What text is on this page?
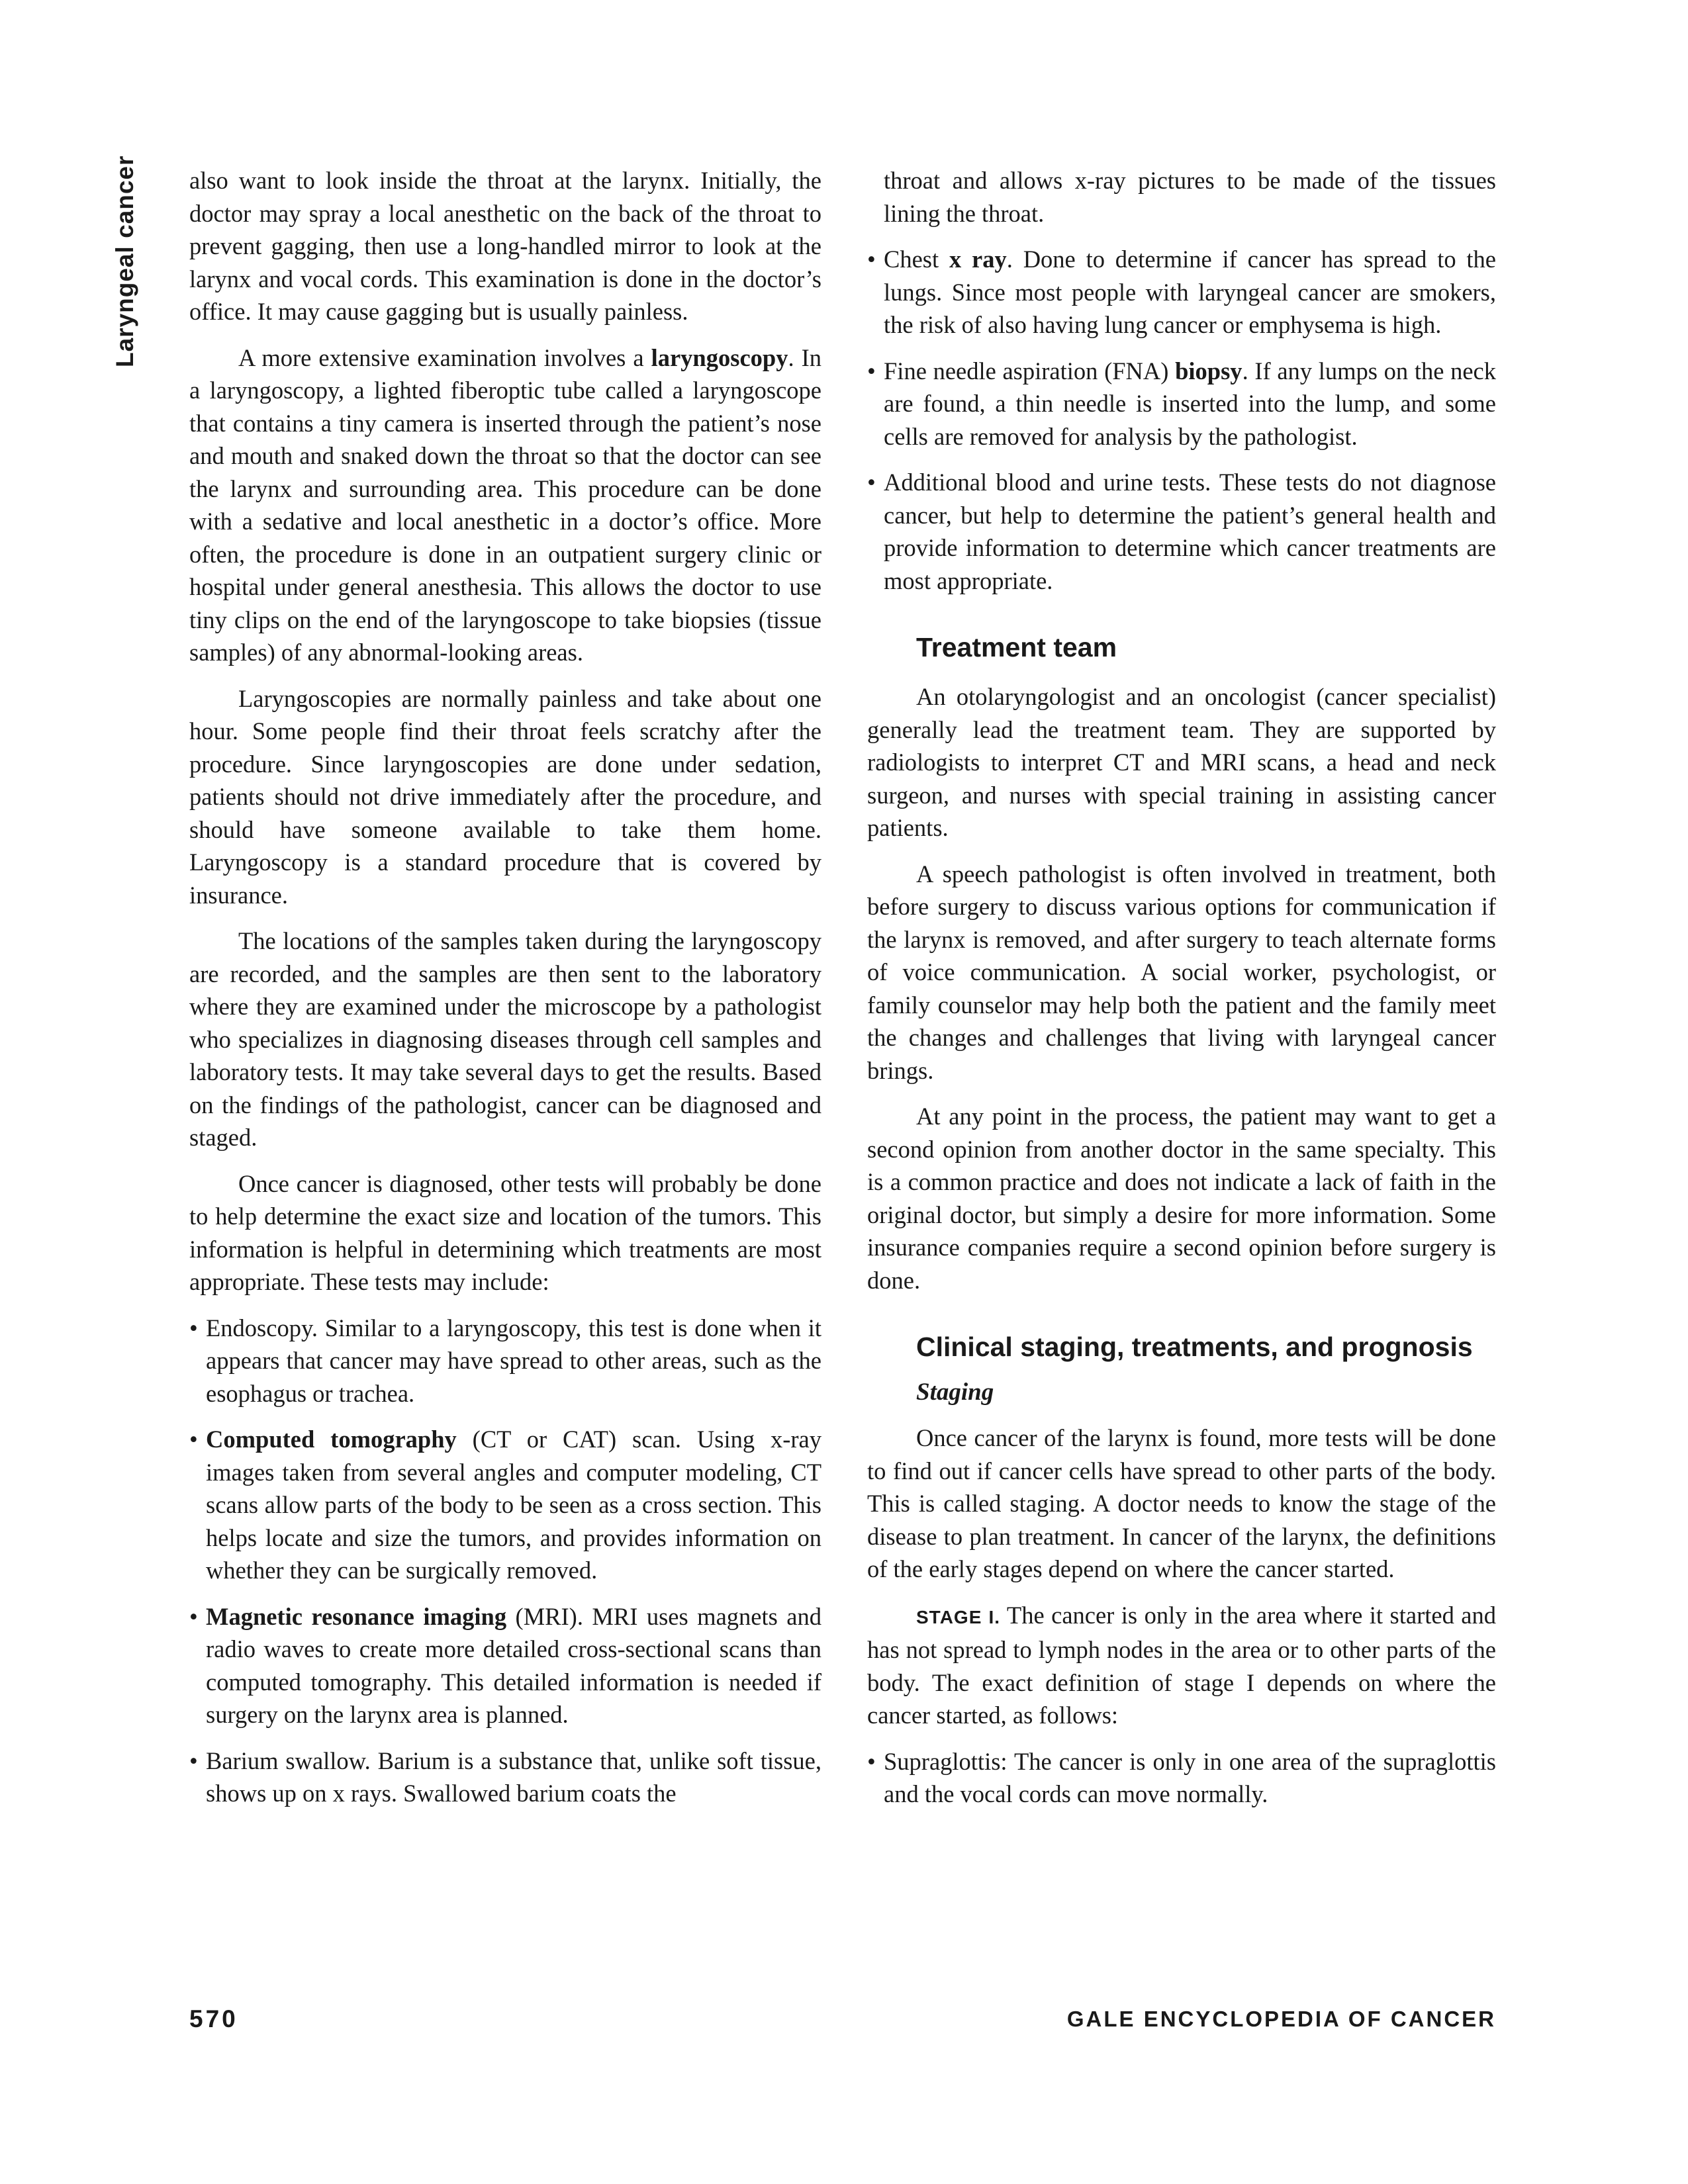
Laryngeal cancer also want to look inside the throat at the larynx. Initially, the doctor may spray a local anesthetic on the back of the throat to prevent gagging, then use a long-handled mirror to look at the larynx and vocal cords. This examination is done in the doctor’s office. It may cause gagging but is usually painless.

A more extensive examination involves a laryngoscopy. In a laryngoscopy, a lighted fiberoptic tube called a laryngoscope that contains a tiny camera is inserted through the patient’s nose and mouth and snaked down the throat so that the doctor can see the larynx and surrounding area. This procedure can be done with a sedative and local anesthetic in a doctor’s office. More often, the procedure is done in an outpatient surgery clinic or hospital under general anesthesia. This allows the doctor to use tiny clips on the end of the laryngoscope to take biopsies (tissue samples) of any abnormal-looking areas.

Laryngoscopies are normally painless and take about one hour. Some people find their throat feels scratchy after the procedure. Since laryngoscopies are done under sedation, patients should not drive immediately after the procedure, and should have someone available to take them home. Laryngoscopy is a standard procedure that is covered by insurance.

The locations of the samples taken during the laryngoscopy are recorded, and the samples are then sent to the laboratory where they are examined under the microscope by a pathologist who specializes in diagnosing diseases through cell samples and laboratory tests. It may take several days to get the results. Based on the findings of the pathologist, cancer can be diagnosed and staged.

Once cancer is diagnosed, other tests will probably be done to help determine the exact size and location of the tumors. This information is helpful in determining which treatments are most appropriate. These tests may include:

• Endoscopy. Similar to a laryngoscopy, this test is done when it appears that cancer may have spread to other areas, such as the esophagus or trachea.
• Computed tomography (CT or CAT) scan. Using x-ray images taken from several angles and computer modeling, CT scans allow parts of the body to be seen as a cross section. This helps locate and size the tumors, and provides information on whether they can be surgically removed.
• Magnetic resonance imaging (MRI). MRI uses magnets and radio waves to create more detailed cross-sectional scans than computed tomography. This detailed information is needed if surgery on the larynx area is planned.
• Barium swallow. Barium is a substance that, unlike soft tissue, shows up on x rays. Swallowed barium coats the

throat and allows x-ray pictures to be made of the tissues lining the throat.

• Chest x ray. Done to determine if cancer has spread to the lungs. Since most people with laryngeal cancer are smokers, the risk of also having lung cancer or emphysema is high.
• Fine needle aspiration (FNA) biopsy. If any lumps on the neck are found, a thin needle is inserted into the lump, and some cells are removed for analysis by the pathologist.
• Additional blood and urine tests. These tests do not diagnose cancer, but help to determine the patient’s general health and provide information to determine which cancer treatments are most appropriate.
Treatment team

An otolaryngologist and an oncologist (cancer specialist) generally lead the treatment team. They are supported by radiologists to interpret CT and MRI scans, a head and neck surgeon, and nurses with special training in assisting cancer patients.

A speech pathologist is often involved in treatment, both before surgery to discuss various options for communication if the larynx is removed, and after surgery to teach alternate forms of voice communication. A social worker, psychologist, or family counselor may help both the patient and the family meet the changes and challenges that living with laryngeal cancer brings.

At any point in the process, the patient may want to get a second opinion from another doctor in the same specialty. This is a common practice and does not indicate a lack of faith in the original doctor, but simply a desire for more information. Some insurance companies require a second opinion before surgery is done.

Clinical staging, treatments, and prognosis
Staging

Once cancer of the larynx is found, more tests will be done to find out if cancer cells have spread to other parts of the body. This is called staging. A doctor needs to know the stage of the disease to plan treatment. In cancer of the larynx, the definitions of the early stages depend on where the cancer started.

STAGE I. The cancer is only in the area where it started and has not spread to lymph nodes in the area or to other parts of the body. The exact definition of stage I depends on where the cancer started, as follows:

• Supraglottis: The cancer is only in one area of the supraglottis and the vocal cords can move normally.
570	GALE ENCYCLOPEDIA OF CANCER
